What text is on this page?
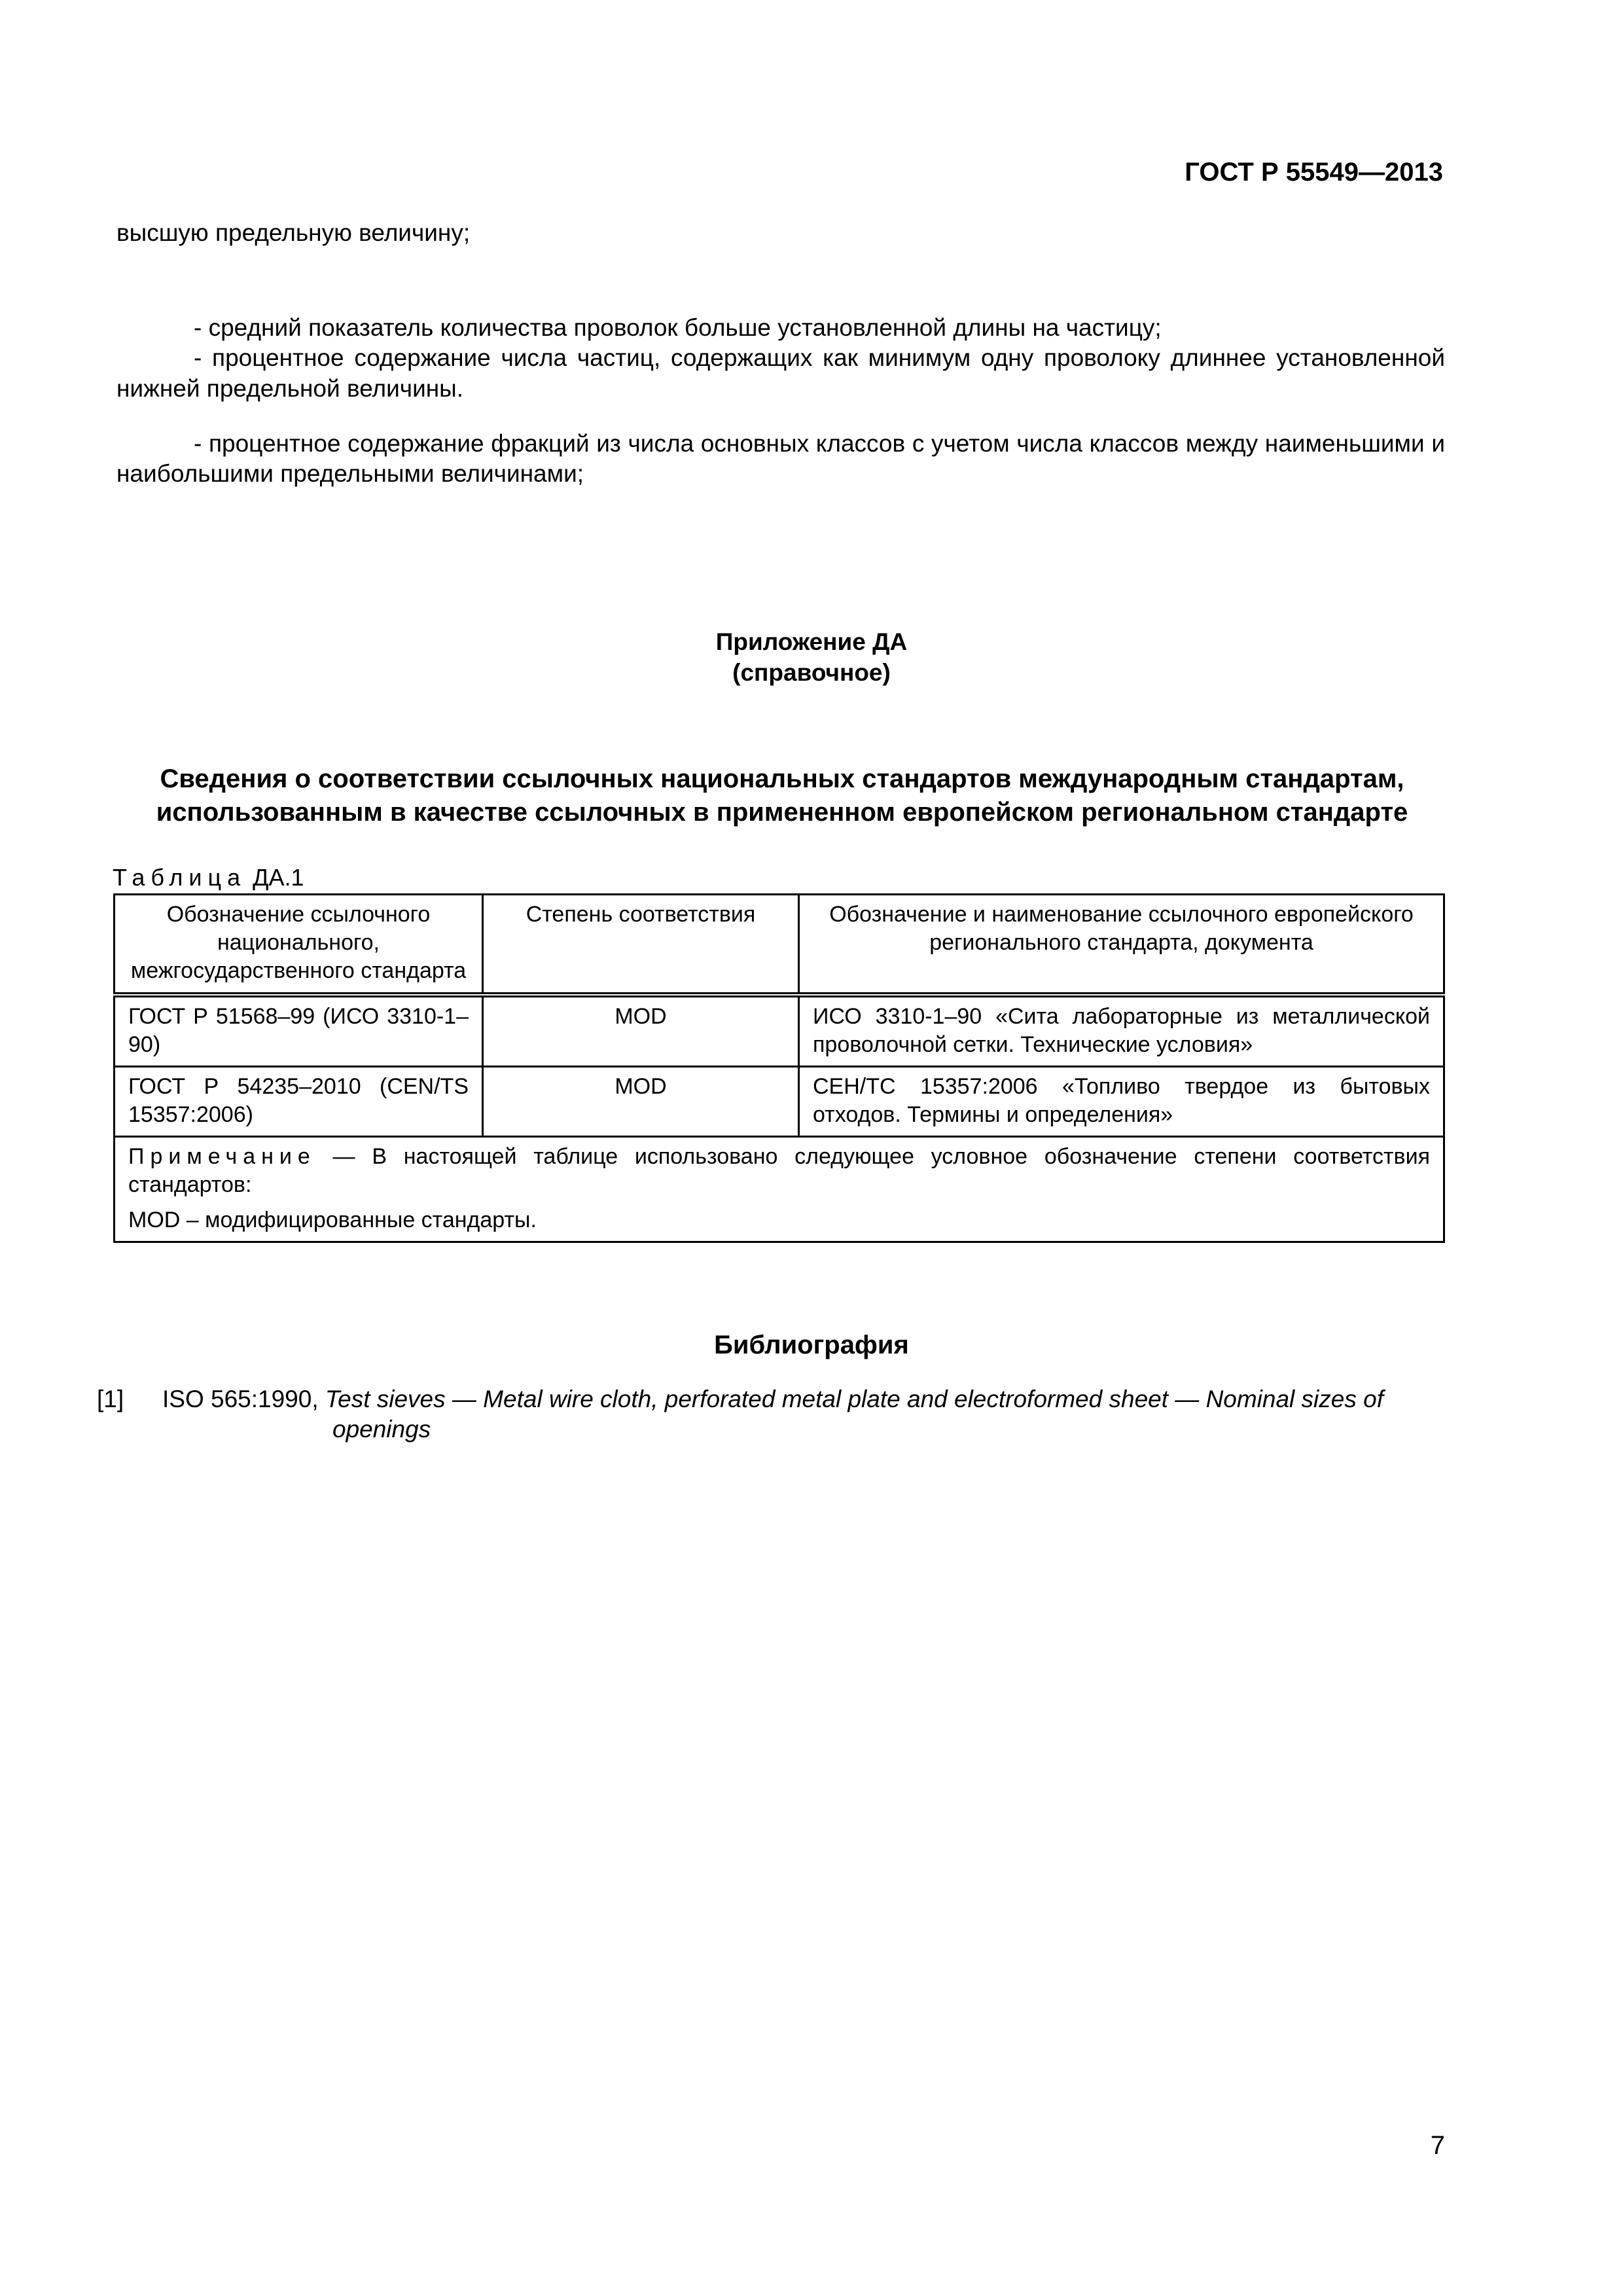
ГОСТ Р 55549—2013
высшую предельную величину;

- средний показатель количества проволок больше установленной длины на частицу;

- процентное содержание числа частиц, содержащих как минимум одну проволоку длиннее установленной нижней предельной величины.

- процентное содержание фракций из числа основных классов с учетом числа классов между наименьшими и наибольшими предельными величинами;

Приложение ДА
(справочное)
Сведения о соответствии ссылочных национальных стандартов международным стандартам,
использованным в качестве ссылочных в примененном европейском региональном стандарте
Таблица ДА.1
Обозначение ссылочного национального, межгосударственного стандарта	Степень соответствия	Обозначение и наименование ссылочного европейского регионального стандарта, документа
ГОСТ Р 51568–99 (ИСО 3310-1–90)	MOD	ИСО 3310-1–90 «Сита лабораторные из металлической проволочной сетки. Технические условия»
ГОСТ Р 54235–2010 (CEN/TS 15357:2006)	MOD	СЕН/ТС 15357:2006 «Топливо твердое из бытовых отходов. Термины и определения»

Примечание — В настоящей таблице использовано следующее условное обозначение степени соответствия стандартов:

MOD – модифицированные стандарты.		

Библиография
[1] ISO 565:1990, Test sieves — Metal wire cloth, perforated metal plate and electroformed sheet — Nominal sizes of
openings
7
